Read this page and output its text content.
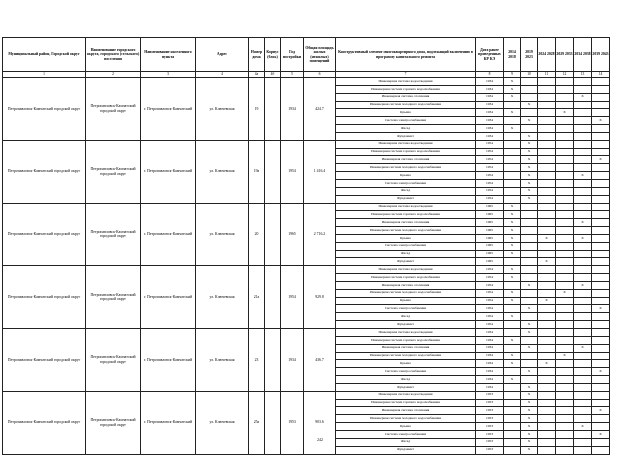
Муниципальный район, Городской округ	Наименование городского округа, городского (сельского) поселения	Наименование населенного пункта	Адрес	Номер дома	Корпус (блок)	Год постройки	Общая площадь жилых (нежилых) помещений	Конструктивный элемент многоквартирного дома, подлежащий включению в программу капитального ремонта	Дата ранее проведенных КР КЭ	2014 2018	2019 2023	2024 2028	2029 2033	2034 2038	2039 2043
1	2	3	4	4а	4б	5	6	7	8	9	10	11	12	13	14
Петропавловск-Камчатский городской округ	Петропавловск-Камчатский городской округ	г. Петропавловск-Камчатский	ул. Ключевская	19		1934	424.7	Инженерная система водоотведения	1934	X					
								Инженерная система горячего водоснабжения	1934	X					
								Инженерная система отопления	1934	X				X	
								Инженерная система холодного водоснабжения	1934		X				
								Крыша	1934	X			X		
								Система электроснабжения	1934		X				X
								Фасад	1934	X					
								Фундамент	1934		X				
Петропавловск-Камчатский городской округ	Петропавловск-Камчатский городской округ	г. Петропавловск-Камчатский	ул. Ключевская	19а		1954	1 416.4	Инженерная система водоотведения	1954		X				
								Инженерная система горячего водоснабжения	1954		X				
								Инженерная система отопления	1954		X				X
								Инженерная система холодного водоснабжения	1954		X				
								Крыша	1954		X			X	
								Система электроснабжения	1954		X				
								Фасад	1954		X				
								Фундамент	1954		X				
Петропавловск-Камчатский городской округ	Петропавловск-Камчатский городской округ	г. Петропавловск-Камчатский	ул. Ключевская	20		1965	2 716.2	Инженерная система водоотведения	1965	X					
								Инженерная система горячего водоснабжения	1965	X					
								Инженерная система отопления	1965	X				X	
								Инженерная система холодного водоснабжения	1965	X					
								Крыша	1965	X		X		X	
								Система электроснабжения	1965	X					
								Фасад	1965	X					
								Фундамент	1965			X			
Петропавловск-Камчатский городской округ	Петропавловск-Камчатский городской округ	г. Петропавловск-Камчатский	ул. Ключевская	21а		1954	929.8	Инженерная система водоотведения	1954	X					
								Инженерная система горячего водоснабжения	1954	X					
								Инженерная система отопления	1954		X			X	
								Инженерная система холодного водоснабжения	1954	X			X		
								Крыша	1954	X		X			
								Система электроснабжения	1954		X				X
								Фасад	1954	X					
								Фундамент	1954		X				
Петропавловск-Камчатский городской округ	Петропавловск-Камчатский городской округ	г. Петропавловск-Камчатский	ул. Ключевская	23		1934	436.7	Инженерная система водоотведения	1934		X				
								Инженерная система горячего водоснабжения	1934	X					
								Инженерная система отопления	1934		X			X	
								Инженерная система холодного водоснабжения	1934	X			X		
								Крыша	1934	X		X			
								Система электроснабжения	1934		X				X
								Фасад	1934	X					
								Фундамент	1934		X				
Петропавловск-Камчатский городской округ	Петропавловск-Камчатский городской округ	г. Петропавловск-Камчатский	ул. Ключевская	25а		1953	903.6	Инженерная система водоотведения	1953		X				
								Инженерная система горячего водоснабжения	1953		X				
								Инженерная система отопления	1953		X				X
								Инженерная система холодного водоснабжения	1953		X				
								Крыша	1953		X			X	
								Система электроснабжения	1953		X				X
								Фасад	1953		X				
								Фундамент	1953		X				
242
